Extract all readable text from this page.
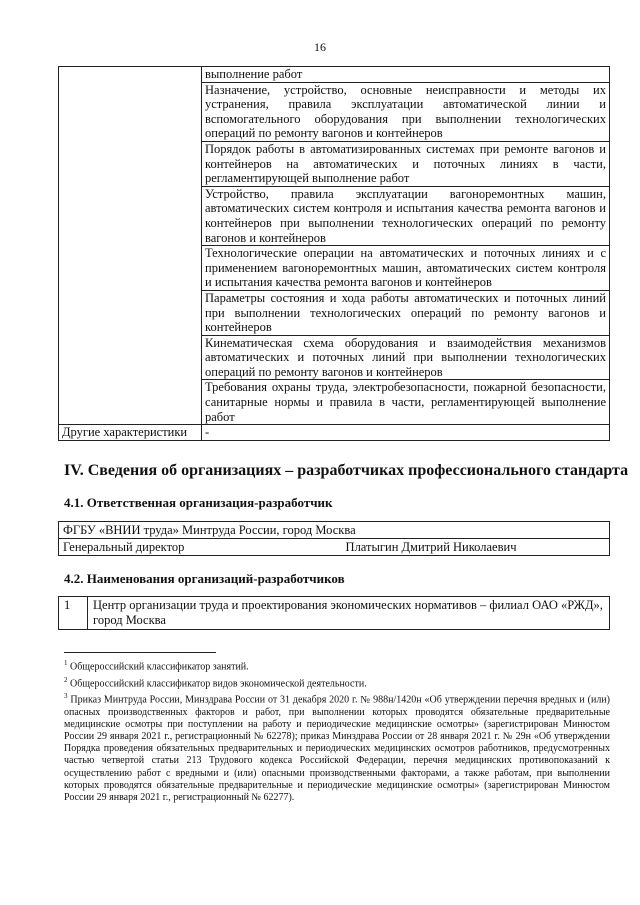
16
	выполнение работ
	Назначение, устройство, основные неисправности и методы их устранения, правила эксплуатации автоматической линии и вспомогательного оборудования при выполнении технологических операций по ремонту вагонов и контейнеров
	Порядок работы в автоматизированных системах при ремонте вагонов и контейнеров на автоматических и поточных линиях в части, регламентирующей выполнение работ
	Устройство, правила эксплуатации вагоноремонтных машин, автоматических систем контроля и испытания качества ремонта вагонов и контейнеров при выполнении технологических операций по ремонту вагонов и контейнеров
	Технологические операции на автоматических и поточных линиях и с применением вагоноремонтных машин, автоматических систем контроля и испытания качества ремонта вагонов и контейнеров
	Параметры состояния и хода работы автоматических и поточных линий при выполнении технологических операций по ремонту вагонов и контейнеров
	Кинематическая схема оборудования и взаимодействия механизмов автоматических и поточных линий при выполнении технологических операций по ремонту вагонов и контейнеров
	Требования охраны труда, электробезопасности, пожарной безопасности, санитарные нормы и правила в части, регламентирующей выполнение работ
Другие характеристики	-
IV. Сведения об организациях – разработчиках профессионального стандарта
4.1. Ответственная организация-разработчик
ФГБУ «ВНИИ труда» Минтруда России, город Москва
Генеральный директор	Платыгин Дмитрий Николаевич
4.2. Наименования организаций-разработчиков
1	Центр организации труда и проектирования экономических нормативов – филиал ОАО «РЖД», город Москва

$^1$ Общероссийский классификатор занятий.

$^2$ Общероссийский классификатор видов экономической деятельности.

$^3$ Приказ Минтруда России, Минздрава России от 31 декабря 2020 г. № 988н/1420н «Об утверждении перечня вредных и (или) опасных производственных факторов и работ, при выполнении которых проводятся обязательные предварительные медицинские осмотры при поступлении на работу и периодические медицинские осмотры» (зарегистрирован Минюстом России 29 января 2021 г., регистрационный № 62278); приказ Минздрава России от 28 января 2021 г. № 29н «Об утверждении Порядка проведения обязательных предварительных и периодических медицинских осмотров работников, предусмотренных частью четвертой статьи 213 Трудового кодекса Российской Федерации, перечня медицинских противопоказаний к осуществлению работ с вредными и (или) опасными производственными факторами, а также работам, при выполнении которых проводятся обязательные предварительные и периодические медицинские осмотры» (зарегистрирован Минюстом России 29 января 2021 г., регистрационный № 62277).
